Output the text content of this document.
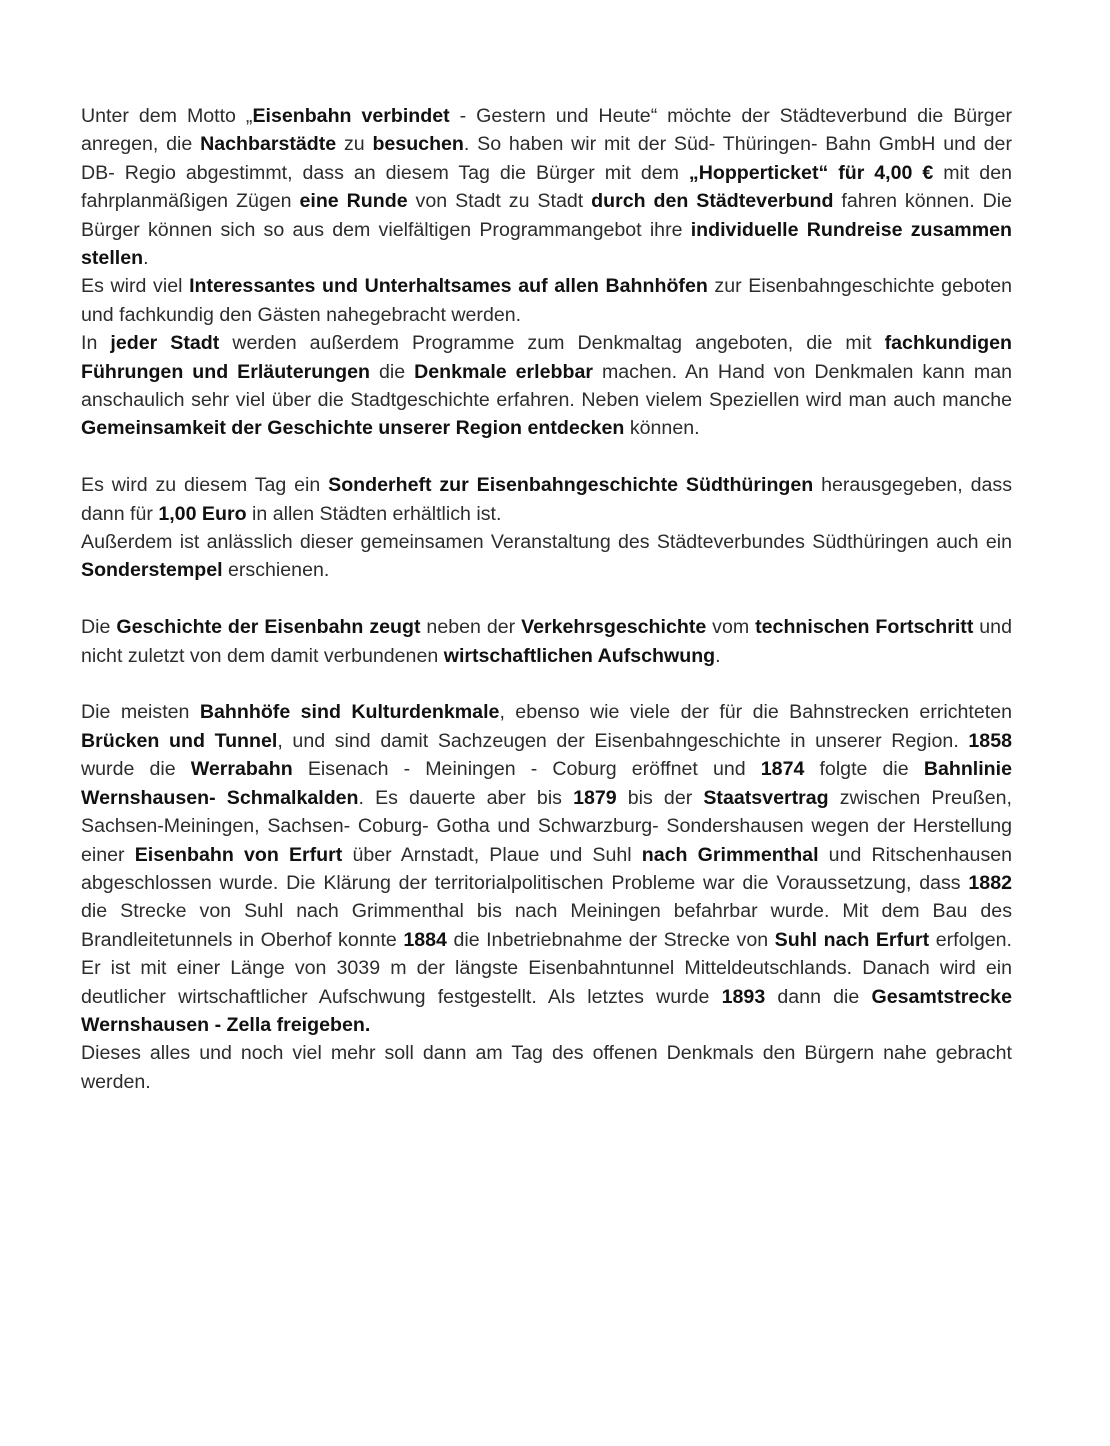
Unter dem Motto „Eisenbahn verbindet - Gestern und Heute“ möchte der Städteverbund die Bürger anregen, die Nachbarstädte zu besuchen. So haben wir mit der Süd- Thüringen- Bahn GmbH und der DB- Regio abgestimmt, dass an diesem Tag die Bürger mit dem „Hopperticket“ für 4,00 € mit den fahrplanmäßigen Zügen eine Runde von Stadt zu Stadt durch den Städteverbund fahren können. Die Bürger können sich so aus dem vielfältigen Programmangebot ihre individuelle Rundreise zusammen stellen.

Es wird viel Interessantes und Unterhaltsames auf allen Bahnhöfen zur Eisenbahngeschichte geboten und fachkundig den Gästen nahegebracht werden.

In jeder Stadt werden außerdem Programme zum Denkmaltag angeboten, die mit fachkundigen Führungen und Erläuterungen die Denkmale erlebbar machen. An Hand von Denkmalen kann man anschaulich sehr viel über die Stadtgeschichte erfahren. Neben vielem Speziellen wird man auch manche Gemeinsamkeit der Geschichte unserer Region entdecken können.

Es wird zu diesem Tag ein Sonderheft zur Eisenbahngeschichte Südthüringen herausgegeben, dass dann für 1,00 Euro in allen Städten erhältlich ist.

Außerdem ist anlässlich dieser gemeinsamen Veranstaltung des Städteverbundes Südthüringen auch ein Sonderstempel erschienen.

Die Geschichte der Eisenbahn zeugt neben der Verkehrsgeschichte vom technischen Fortschritt und nicht zuletzt von dem damit verbundenen wirtschaftlichen Aufschwung.

Die meisten Bahnhöfe sind Kulturdenkmale, ebenso wie viele der für die Bahnstrecken errichteten Brücken und Tunnel, und sind damit Sachzeugen der Eisenbahngeschichte in unserer Region. 1858 wurde die Werrabahn Eisenach - Meiningen - Coburg eröffnet und 1874 folgte die Bahnlinie Wernshausen- Schmalkalden. Es dauerte aber bis 1879 bis der Staatsvertrag zwischen Preußen, Sachsen-Meiningen, Sachsen- Coburg- Gotha und Schwarzburg- Sondershausen wegen der Herstellung einer Eisenbahn von Erfurt über Arnstadt, Plaue und Suhl nach Grimmenthal und Ritschenhausen abgeschlossen wurde. Die Klärung der territorialpolitischen Probleme war die Voraussetzung, dass 1882 die Strecke von Suhl nach Grimmenthal bis nach Meiningen befahrbar wurde. Mit dem Bau des Brandleitetunnels in Oberhof konnte 1884 die Inbetriebnahme der Strecke von Suhl nach Erfurt erfolgen. Er ist mit einer Länge von 3039 m der längste Eisenbahntunnel Mitteldeutschlands. Danach wird ein deutlicher wirtschaftlicher Aufschwung festgestellt. Als letztes wurde 1893 dann die Gesamtstrecke Wernshausen - Zella freigeben.

Dieses alles und noch viel mehr soll dann am Tag des offenen Denkmals den Bürgern nahe gebracht werden.
